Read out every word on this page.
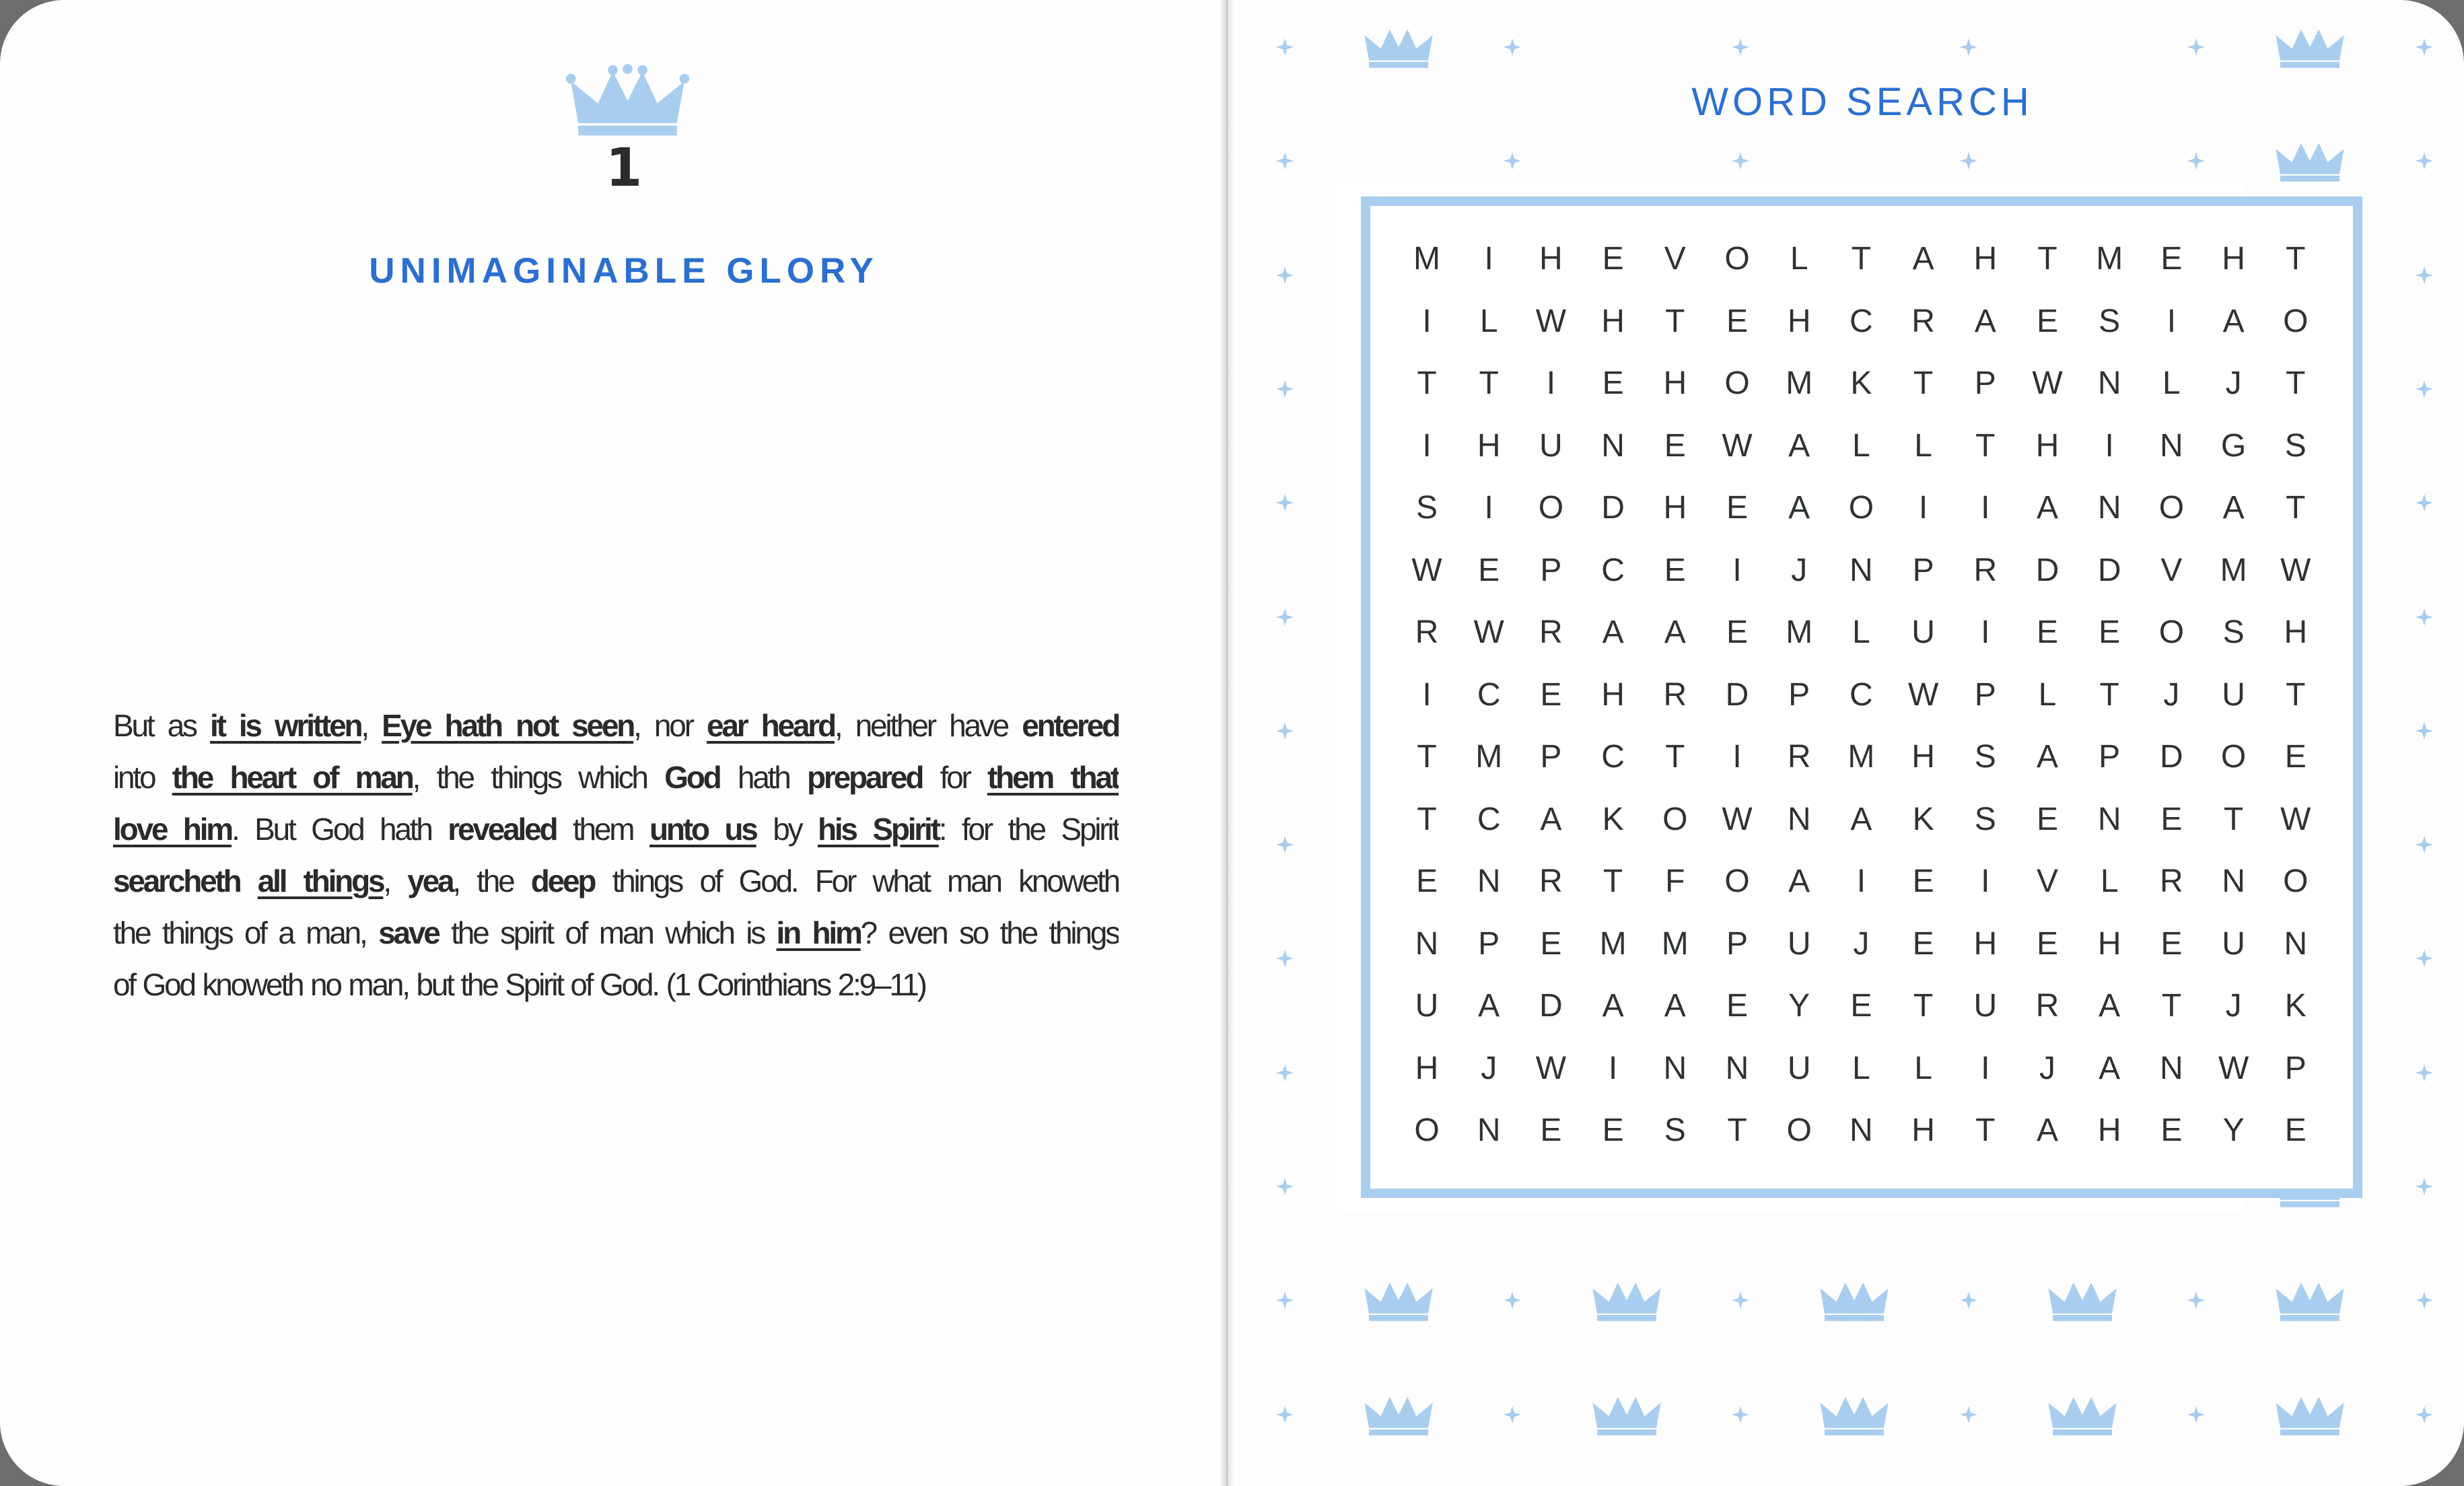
1
UNIMAGINABLE GLORY
But as it is written, Eye hath not seen, nor ear heard, neither have entered
into the heart of man, the things which God hath prepared for them that
love him. But God hath revealed them unto us by his Spirit: for the Spirit
searcheth all things, yea, the deep things of God. For what man knoweth
the things of a man, save the spirit of man which is in him? even so the things
of God knoweth no man, but the Spirit of God. (1 Corinthians 2:9–11)
WORD SEARCH
M	I	H	E	V	O	L	T	A	H	T	M	E	H	T
I	L	W	H	T	E	H	C	R	A	E	S	I	A	O
T	T	I	E	H	O	M	K	T	P	W	N	L	J	T
I	H	U	N	E	W	A	L	L	T	H	I	N	G	S
S	I	O	D	H	E	A	O	I	I	A	N	O	A	T
W	E	P	C	E	I	J	N	P	R	D	D	V	M	W
R	W	R	A	A	E	M	L	U	I	E	E	O	S	H
I	C	E	H	R	D	P	C	W	P	L	T	J	U	T
T	M	P	C	T	I	R	M	H	S	A	P	D	O	E
T	C	A	K	O	W	N	A	K	S	E	N	E	T	W
E	N	R	T	F	O	A	I	E	I	V	L	R	N	O
N	P	E	M	M	P	U	J	E	H	E	H	E	U	N
U	A	D	A	A	E	Y	E	T	U	R	A	T	J	K
H	J	W	I	N	N	U	L	L	I	J	A	N	W	P
O	N	E	E	S	T	O	N	H	T	A	H	E	Y	E
